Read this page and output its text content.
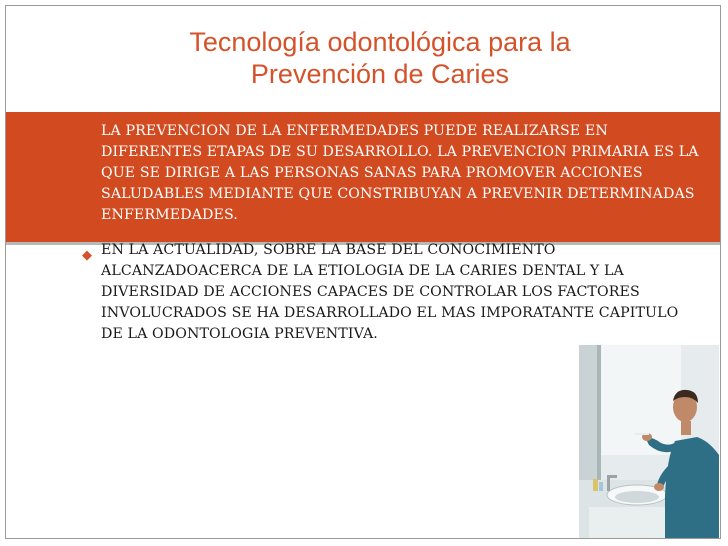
Tecnología odontológica para la
Prevención de Caries

LA PREVENCION DE LA ENFERMEDADES PUEDE REALIZARSE EN DIFERENTES ETAPAS DE SU DESARROLLO. LA PREVENCION PRIMARIA ES LA QUE SE DIRIGE A LAS PERSONAS SANAS PARA PROMOVER ACCIONES SALUDABLES MEDIANTE QUE CONSTRIBUYAN A PREVENIR DETERMINADAS ENFERMEDADES.

◆ EN LA ACTUALIDAD, SOBRE LA BASE DEL CONOCIMIENTO ALCANZADOACERCA DE LA ETIOLOGIA DE LA CARIES DENTAL Y LA DIVERSIDAD DE ACCIONES CAPACES DE CONTROLAR LOS FACTORES INVOLUCRADOS SE HA DESARROLLADO EL MAS IMPORATANTE CAPITULO DE LA ODONTOLOGIA PREVENTIVA.
